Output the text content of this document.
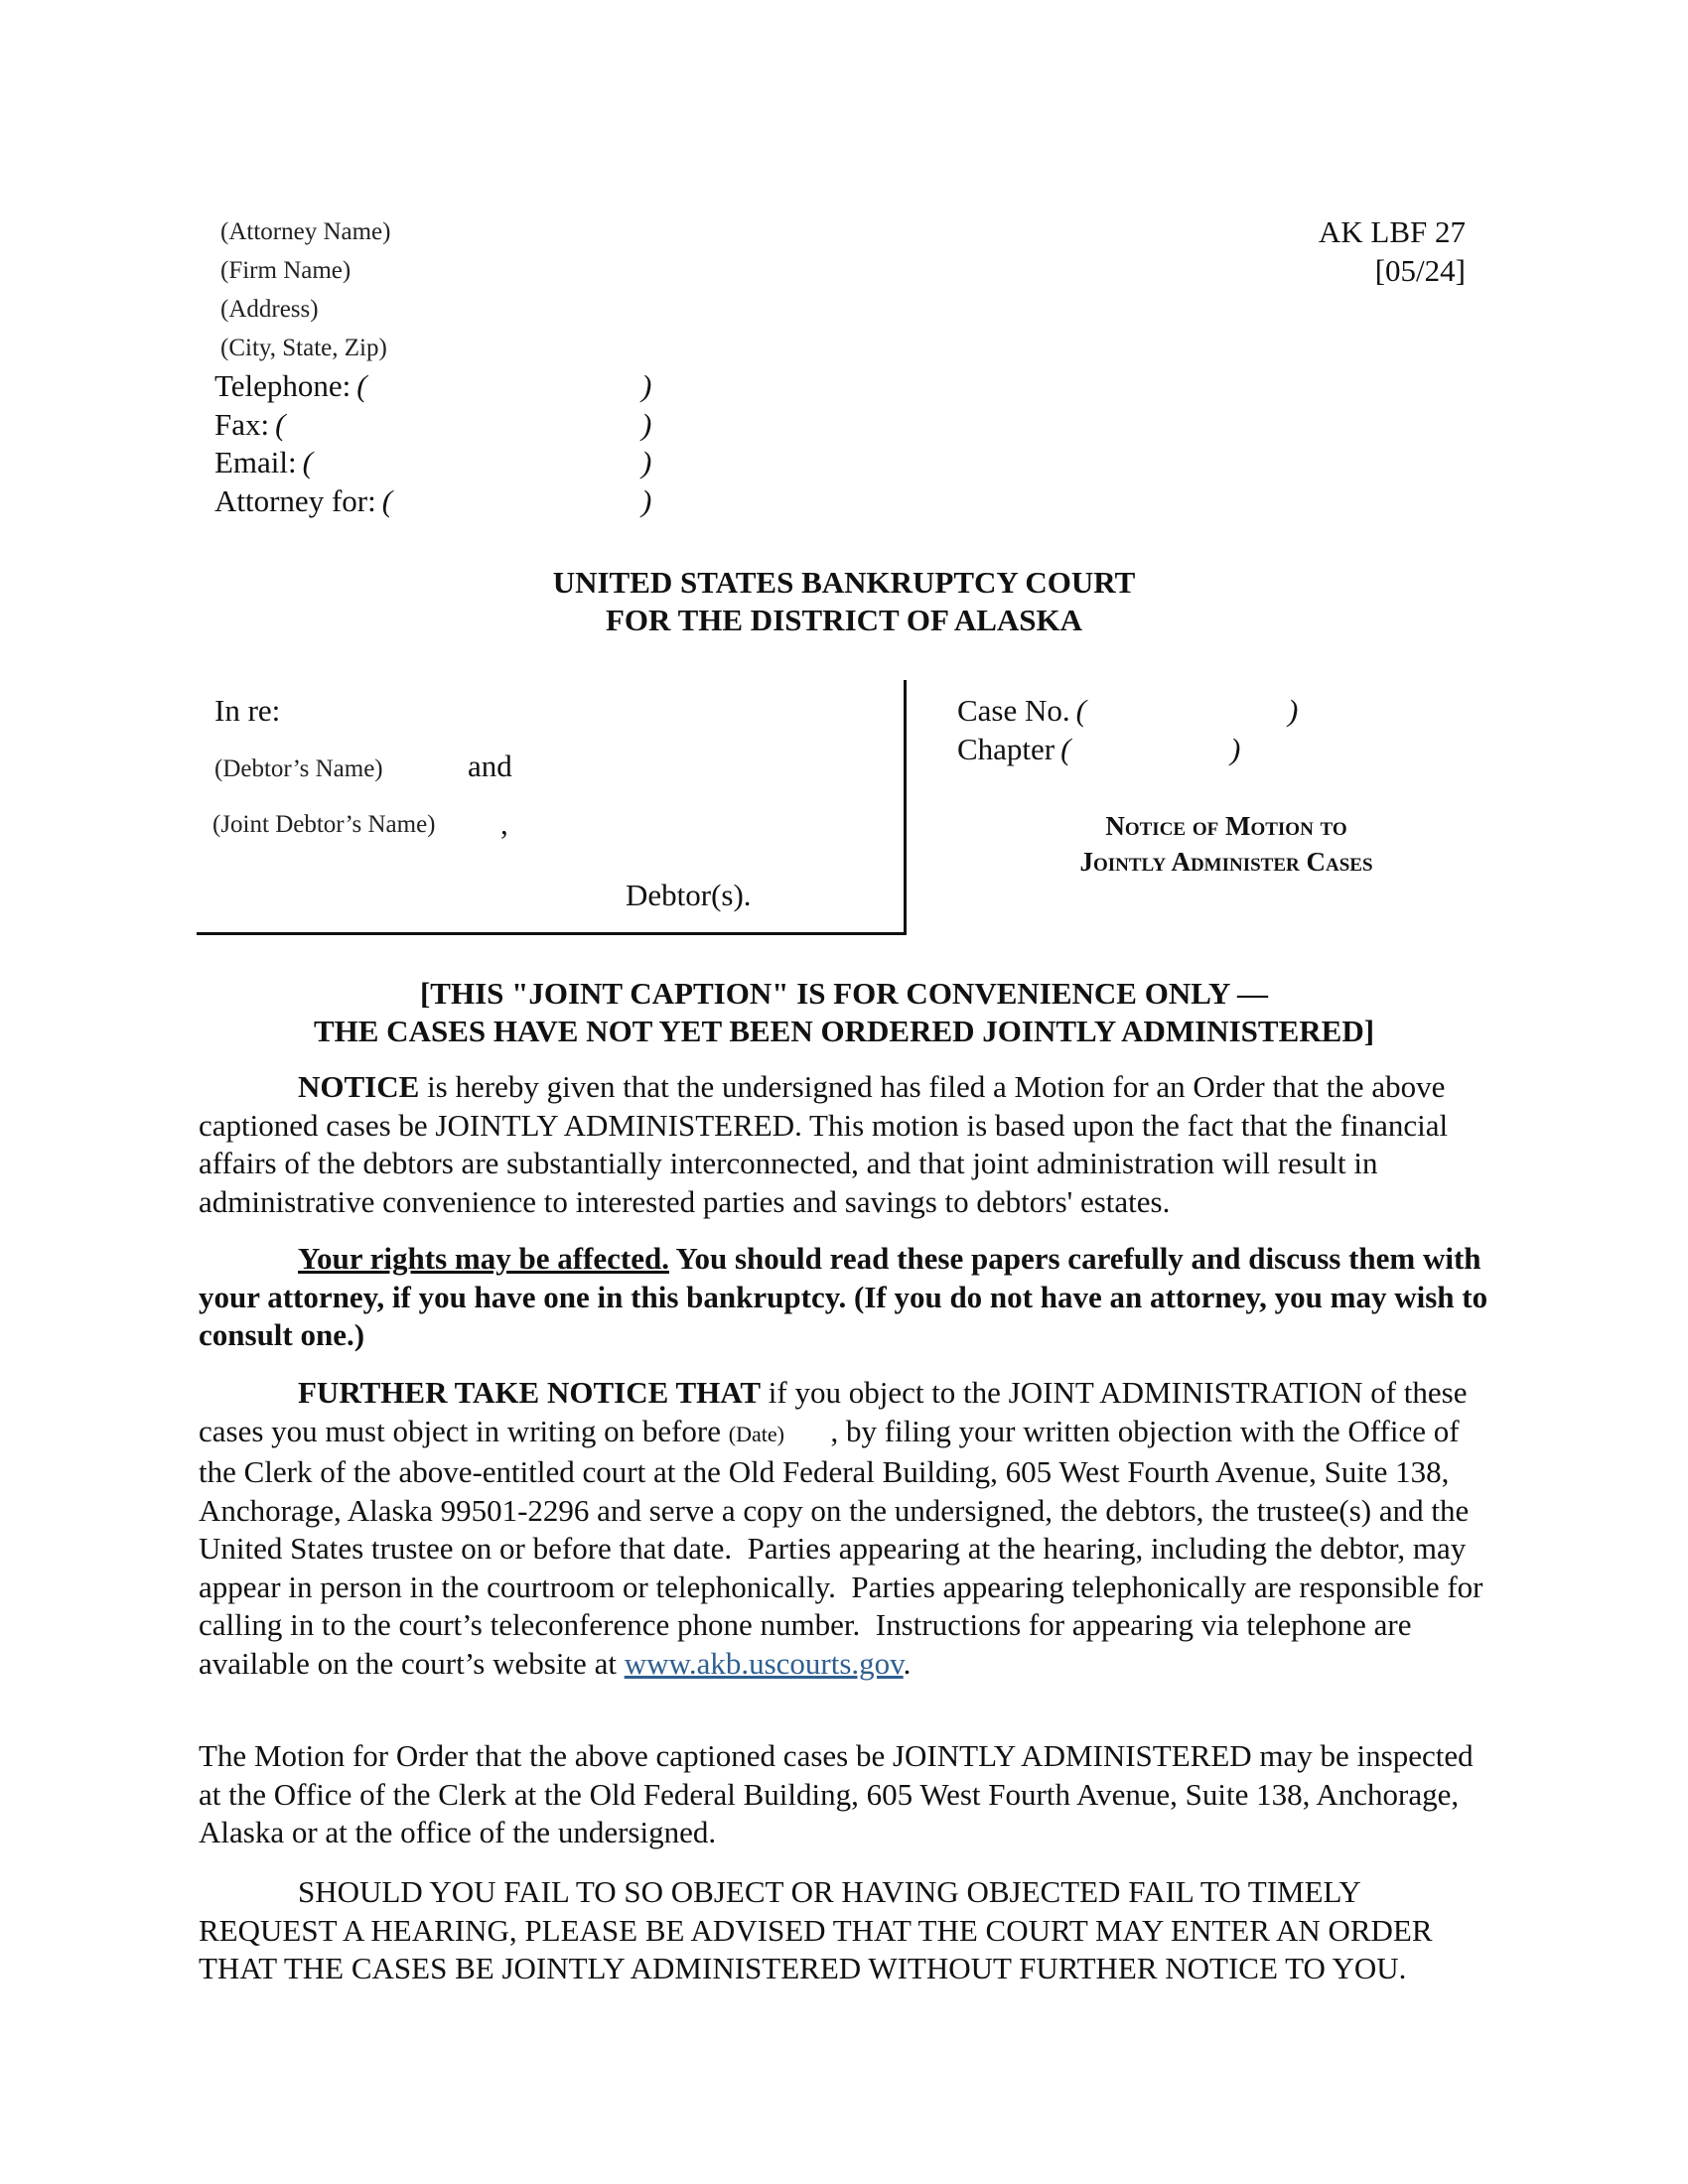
(Attorney Name)
(Firm Name)
(Address)
(City, State, Zip)
Telephone: (	)
Fax: (	)
Email: (	)
Attorney for: (	)
AK LBF 27
[05/24]
UNITED STATES BANKRUPTCY COURT
FOR THE DISTRICT OF ALASKA
In re:
(Debtor’s Name)	and
(Joint Debtor’s Name) ,
Debtor(s).
Case No. (	)
Chapter (	)
Notice of Motion to
Jointly Administer Cases
[THIS "JOINT CAPTION" IS FOR CONVENIENCE ONLY —
THE CASES HAVE NOT YET BEEN ORDERED JOINTLY ADMINISTERED]
NOTICE is hereby given that the undersigned has filed a Motion for an Order that the above captioned cases be JOINTLY ADMINISTERED. This motion is based upon the fact that the financial affairs of the debtors are substantially interconnected, and that joint administration will result in administrative convenience to interested parties and savings to debtors' estates.
Your rights may be affected. You should read these papers carefully and discuss them with your attorney, if you have one in this bankruptcy. (If you do not have an attorney, you may wish to consult one.)
FURTHER TAKE NOTICE THAT if you object to the JOINT ADMINISTRATION of these cases you must object in writing on before (Date)      , by filing your written objection with the Office of the Clerk of the above-entitled court at the Old Federal Building, 605 West Fourth Avenue, Suite 138, Anchorage, Alaska 99501-2296 and serve a copy on the undersigned, the debtors, the trustee(s) and the United States trustee on or before that date.  Parties appearing at the hearing, including the debtor, may appear in person in the courtroom or telephonically.  Parties appearing telephonically are responsible for calling in to the court’s teleconference phone number.  Instructions for appearing via telephone are available on the court’s website at www.akb.uscourts.gov.
The Motion for Order that the above captioned cases be JOINTLY ADMINISTERED may be inspected at the Office of the Clerk at the Old Federal Building, 605 West Fourth Avenue, Suite 138, Anchorage, Alaska or at the office of the undersigned.
SHOULD YOU FAIL TO SO OBJECT OR HAVING OBJECTED FAIL TO TIMELY REQUEST A HEARING, PLEASE BE ADVISED THAT THE COURT MAY ENTER AN ORDER THAT THE CASES BE JOINTLY ADMINISTERED WITHOUT FURTHER NOTICE TO YOU.
